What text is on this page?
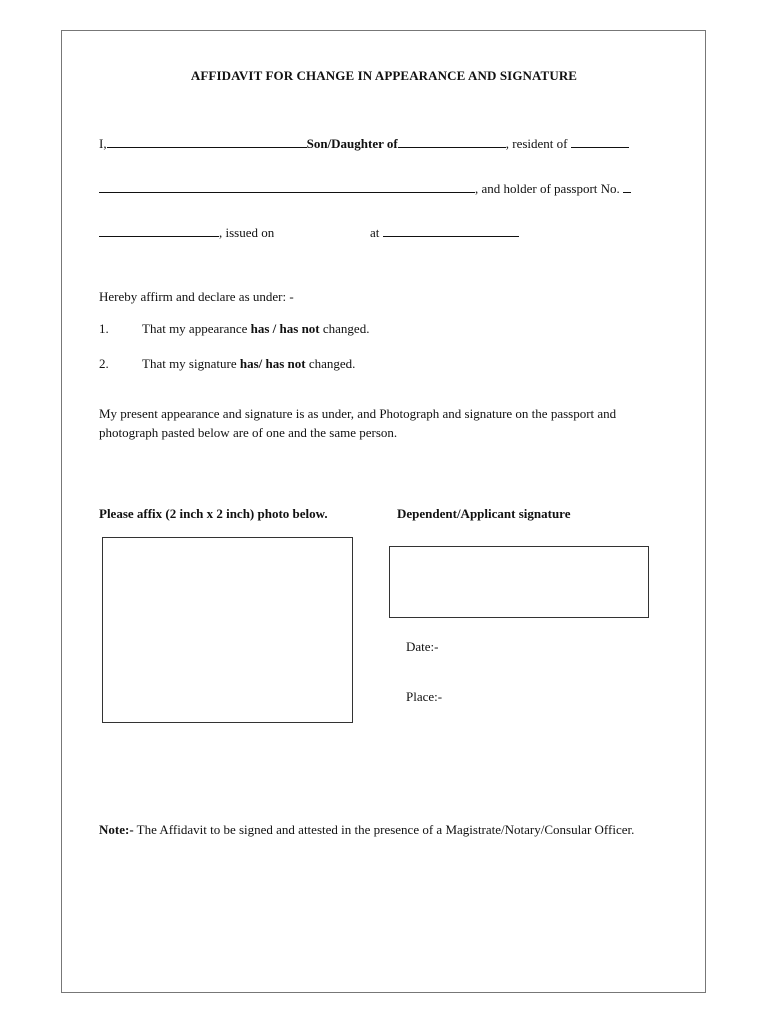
AFFIDAVIT FOR CHANGE IN APPEARANCE AND SIGNATURE
I,	Son/Daughter of	, resident of
, and holder of passport No.
, issued on	at
Hereby affirm and declare as under: -
1.	That my appearance has / has not changed.
2.	That my signature has/ has not changed.
My present appearance and signature is as under, and Photograph and signature on the passport and photograph pasted below are of one and the same person.
Please affix (2 inch x 2 inch) photo below.	Dependent/Applicant signature
Date:-
Place:-
Note:- The Affidavit to be signed and attested in the presence of a Magistrate/Notary/Consular Officer.
